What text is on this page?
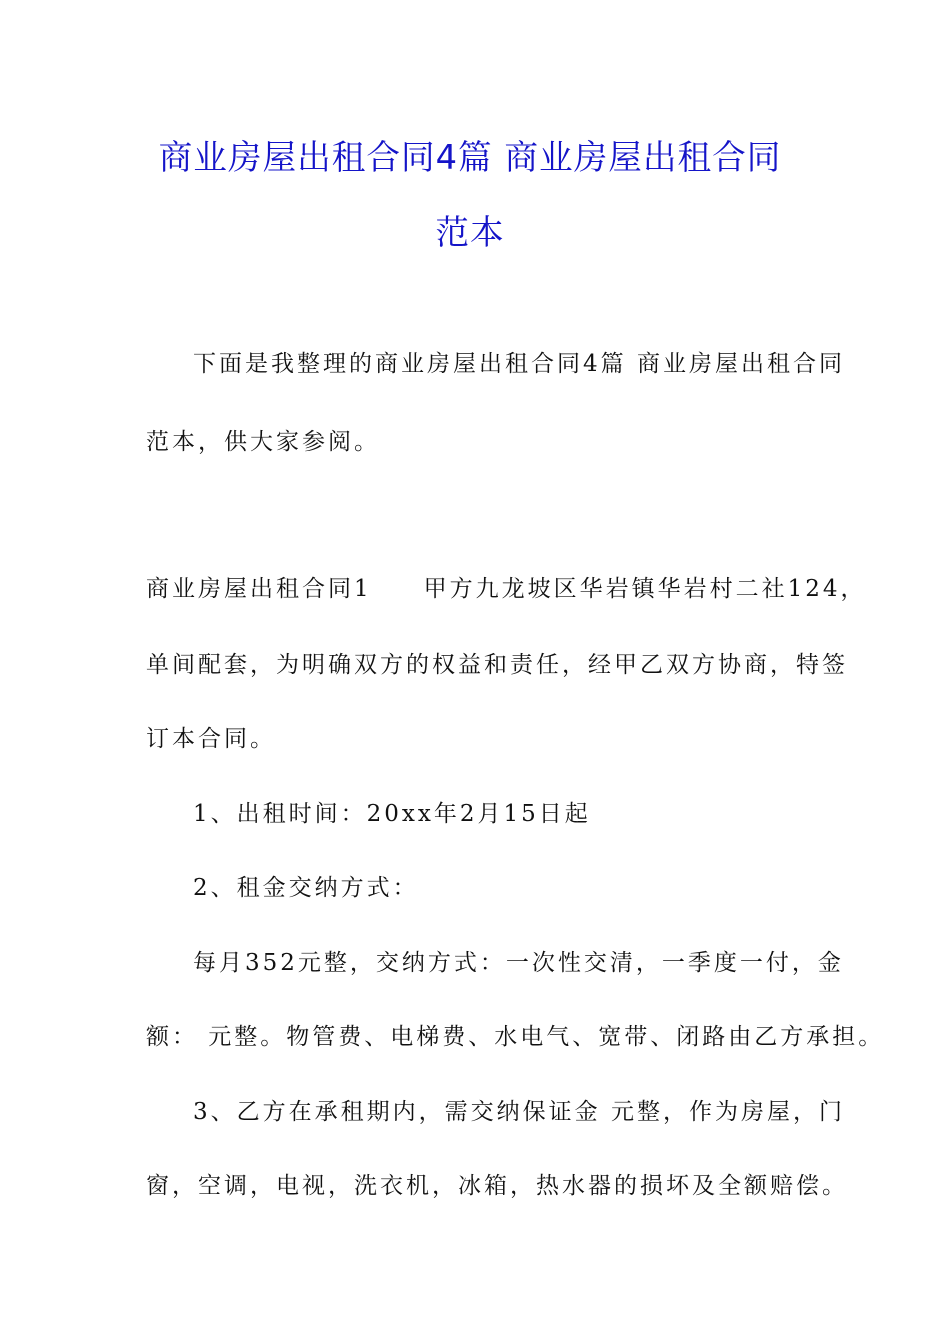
商业房屋出租合同4篇 商业房屋出租合同
范本
下面是我整理的商业房屋出租合同4篇 商业房屋出租合同
范本，供大家参阅。
商业房屋出租合同1　　甲方九龙坡区华岩镇华岩村二社124，
单间配套，为明确双方的权益和责任，经甲乙双方协商，特签
订本合同。
1、出租时间：20xx年2月15日起
2、租金交纳方式：
每月352元整，交纳方式：一次性交清，一季度一付，金
额： 元整。物管费、电梯费、水电气、宽带、闭路由乙方承担。
3、乙方在承租期内，需交纳保证金 元整，作为房屋，门
窗，空调，电视，洗衣机，冰箱，热水器的损坏及全额赔偿。
